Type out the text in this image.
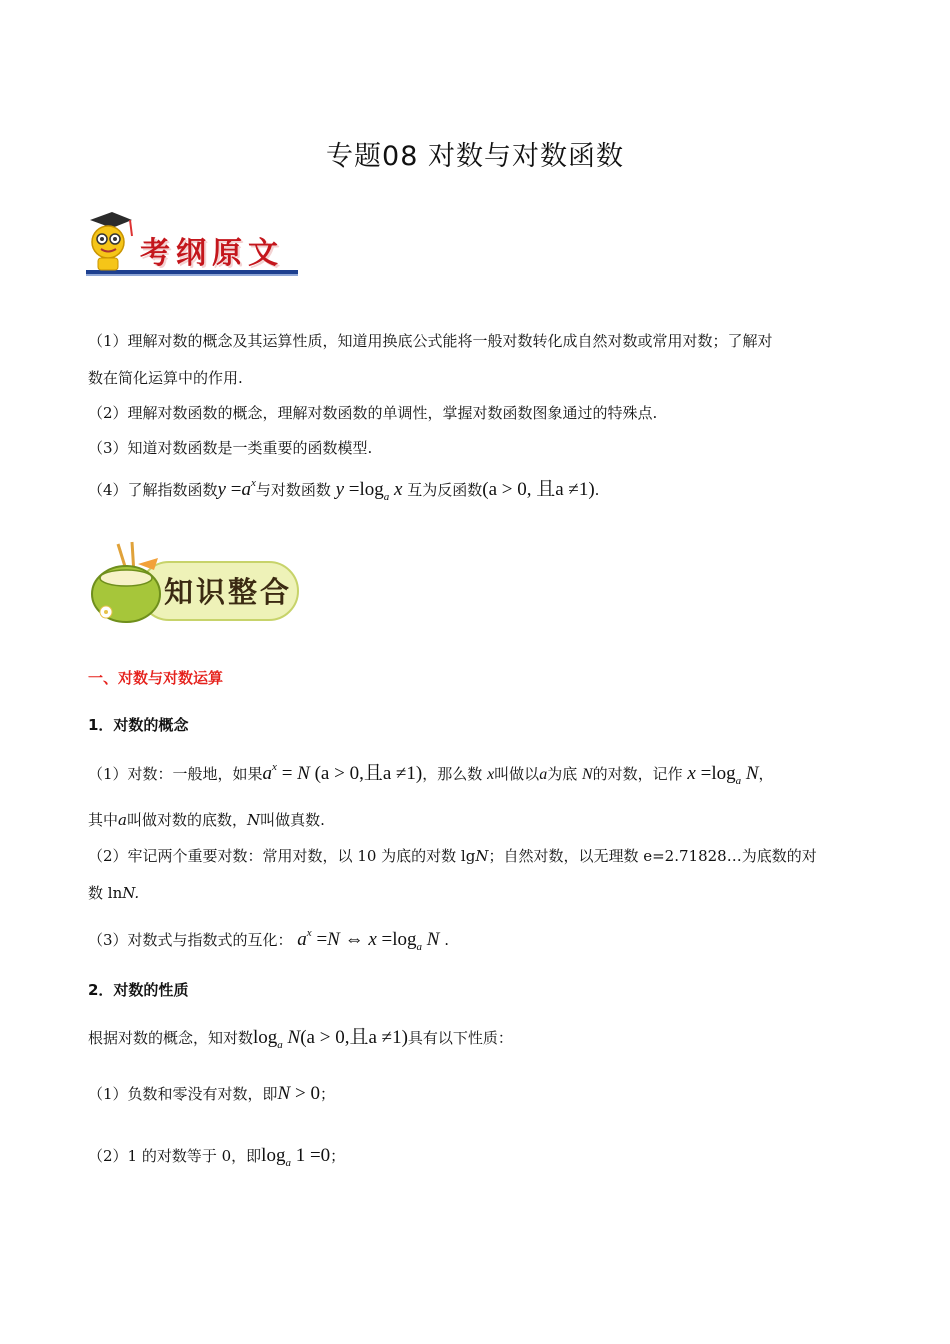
专题08 对数与对数函数
考纲原文
（1）理解对数的概念及其运算性质，知道用换底公式能将一般对数转化成自然对数或常用对数；了解对
数在简化运算中的作用.
（2）理解对数函数的概念，理解对数函数的单调性，掌握对数函数图象通过的特殊点.
（3）知道对数函数是一类重要的函数模型.
（4）了解指数函数$y =a^x$与对数函数 $y =\log_a$ x 互为反函数(a > 0, 且a ≠1).
知识整合
一、对数与对数运算
1．对数的概念
（1）对数：一般地，如果$a^x = N$ (a > 0,且a ≠1)，那么数 x叫做以a为底 N的对数，记作 $x =\log_a$ N，
其中a叫做对数的底数，N叫做真数.
（2）牢记两个重要对数：常用对数，以 10 为底的对数 lgN；自然对数，以无理数 e=2.71828…为底数的对
数 lnN.
（3）对数式与指数式的互化： $a^x =N$ ⇔ $x =\log_a$ N .
2．对数的性质
根据对数的概念，知对数$\log_a N(a > 0$,且a ≠1)具有以下性质：
（1）负数和零没有对数，即N > 0；
（2）1 的对数等于 0，即$\log_a 1 =0$；
